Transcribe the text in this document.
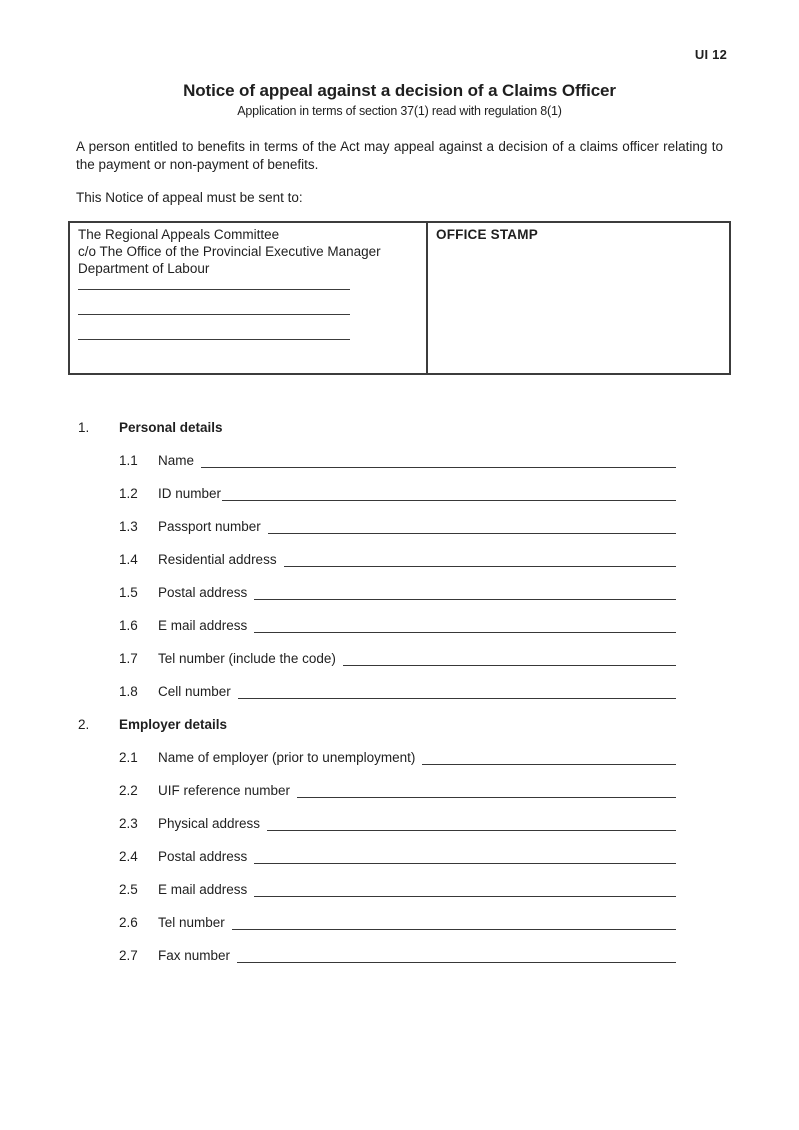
UI 12
Notice of appeal against a decision of a Claims Officer
Application in terms of section 37(1) read with regulation 8(1)

A person entitled to benefits in terms of the Act may appeal against a decision of a claims officer relating to the payment or non-payment of benefits.

This Notice of appeal must be sent to:
The Regional Appeals Committee
c/o The Office of the Provincial Executive Manager
Department of Labour
OFFICE STAMP
1.	Personal details
1.1	Name
1.2	ID number
1.3	Passport number
1.4	Residential address
1.5	Postal address
1.6	E mail address
1.7	Tel number (include the code)
1.8	Cell number
2.	Employer details
2.1	Name of employer (prior to unemployment)
2.2	UIF reference number
2.3	Physical address
2.4	Postal address
2.5	E mail address
2.6	Tel number
2.7	Fax number
